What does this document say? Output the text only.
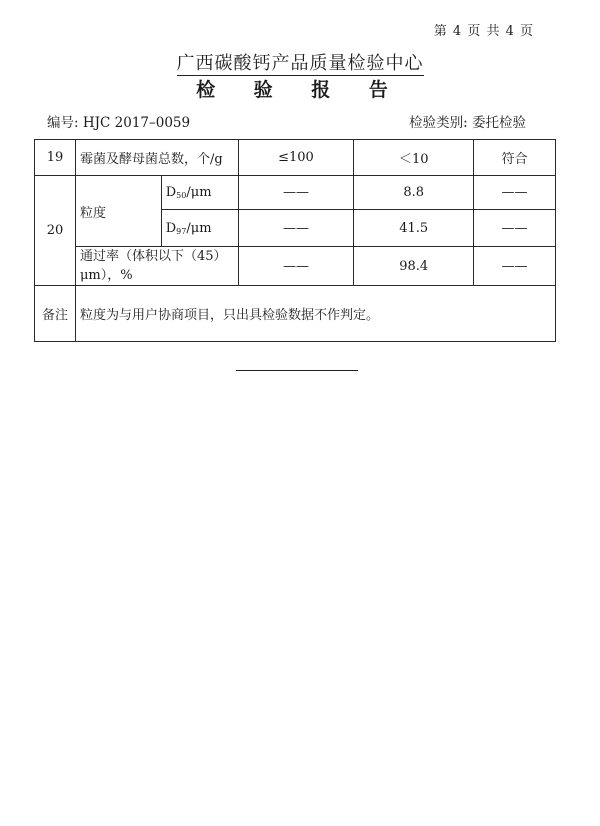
第 4 页 共 4 页
广西碳酸钙产品质量检验中心
检 验 报 告
编号: HJC 2017–0059	检验类别: 委托检验
19	霉菌及酵母菌总数，个/g		≤100	＜10	符合
20	粒度	$D_{50}/\mu m$	——	8.8	——
		$D_{97}/\mu m$	——	41.5	——
	通过率（体积以下（45）μm），%		——	98.4	——
备注	粒度为与用户协商项目，只出具检验数据不作判定。				
